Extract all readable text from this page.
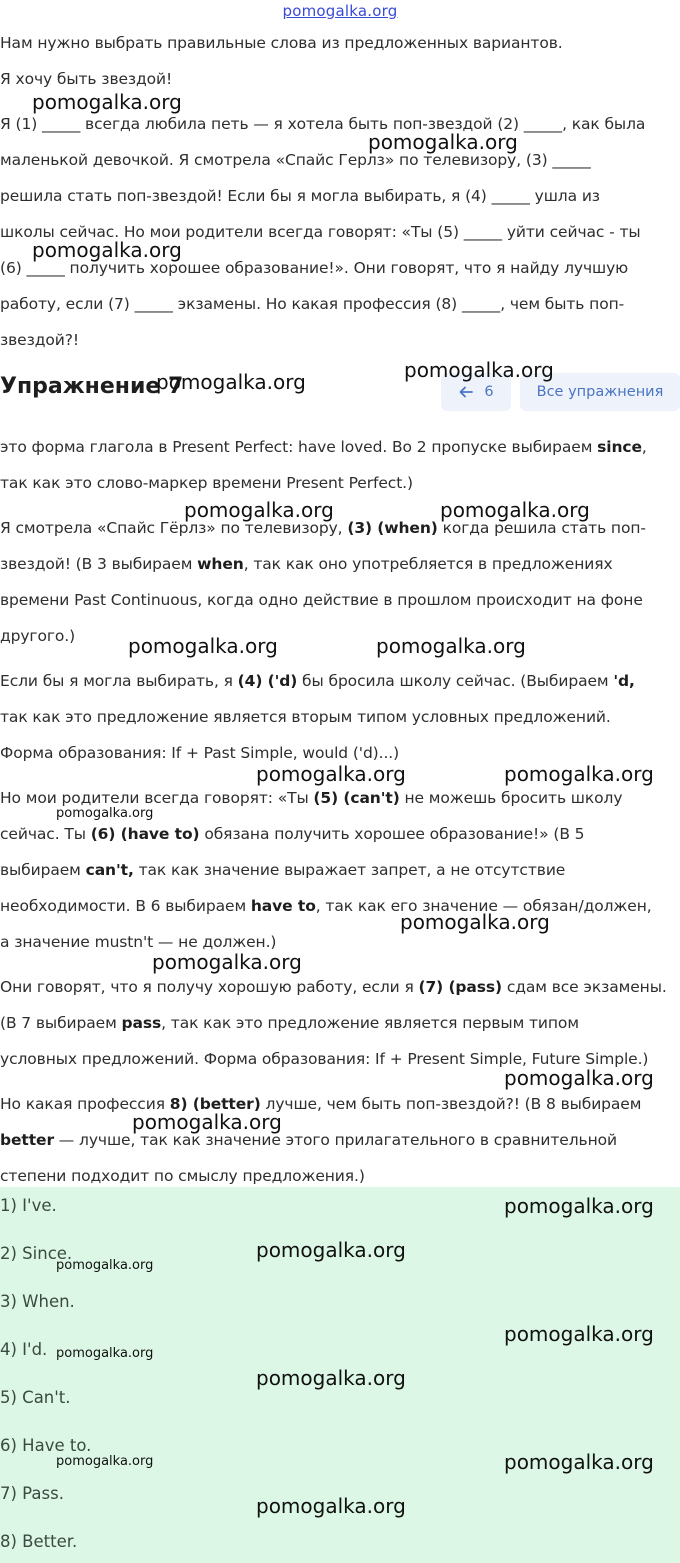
pomogalka.org

Нам нужно выбрать правильные слова из предложенных вариантов.

Я хочу быть звездой!

Я (1) _____ всегда любила петь — я хотела быть поп-звездой (2) _____, как была

маленькой девочкой. Я смотрела «Спайс Герлз» по телевизору, (3) _____

решила стать поп-звездой! Если бы я могла выбирать, я (4) _____ ушла из

школы сейчас. Но мои родители всегда говорят: «Ты (5) _____ уйти сейчас - ты

(6) _____ получить хорошее образование!». Они говорят, что я найду лучшую

работу, если (7) _____ экзамены. Но какая профессия (8) _____, чем быть поп-

звездой?!

Упражнение 7	6	Все упражнения

это форма глагола в Present Perfect: have loved. Во 2 пропуске выбираем since,

так как это слово-маркер времени Present Perfect.)

Я смотрела «Спайс Гёрлз» по телевизору, (3) (when) когда решила стать поп-

звездой! (В 3 выбираем when, так как оно употребляется в предложениях

времени Past Continuous, когда одно действие в прошлом происходит на фоне

другого.)

Если бы я могла выбирать, я (4) ('d) бы бросила школу сейчас. (Выбираем 'd,

так как это предложение является вторым типом условных предложений.

Форма образования: If + Past Simple, would ('d)...)

Но мои родители всегда говорят: «Ты (5) (can't) не можешь бросить школу

сейчас. Ты (6) (have to) обязана получить хорошее образование!» (В 5

выбираем can't, так как значение выражает запрет, а не отсутствие

необходимости. В 6 выбираем have to, так как его значение — обязан/должен,

а значение mustn't — не должен.)

Они говорят, что я получу хорошую работу, если я (7) (pass) сдам все экзамены.

(В 7 выбираем pass, так как это предложение является первым типом

условных предложений. Форма образования: If + Present Simple, Future Simple.)

Но какая профессия 8) (better) лучше, чем быть поп-звездой?! (В 8 выбираем

better — лучше, так как значение этого прилагательного в сравнительной

степени подходит по смыслу предложения.)

1) I've.
2) Since.
3) When.
4) I'd.
5) Can't.
6) Have to.
7) Pass.
8) Better.
pomogalka.org
pomogalka.org
pomogalka.org
pomogalka.org
pomogalka.org
pomogalka.org	pomogalka.org
pomogalka.org	pomogalka.org
pomogalka.org	pomogalka.org
pomogalka.org
pomogalka.org
pomogalka.org
pomogalka.org
pomogalka.org
pomogalka.org
pomogalka.org
pomogalka.org
pomogalka.org
pomogalka.org
pomogalka.org
pomogalka.org	pomogalka.org
pomogalka.org
